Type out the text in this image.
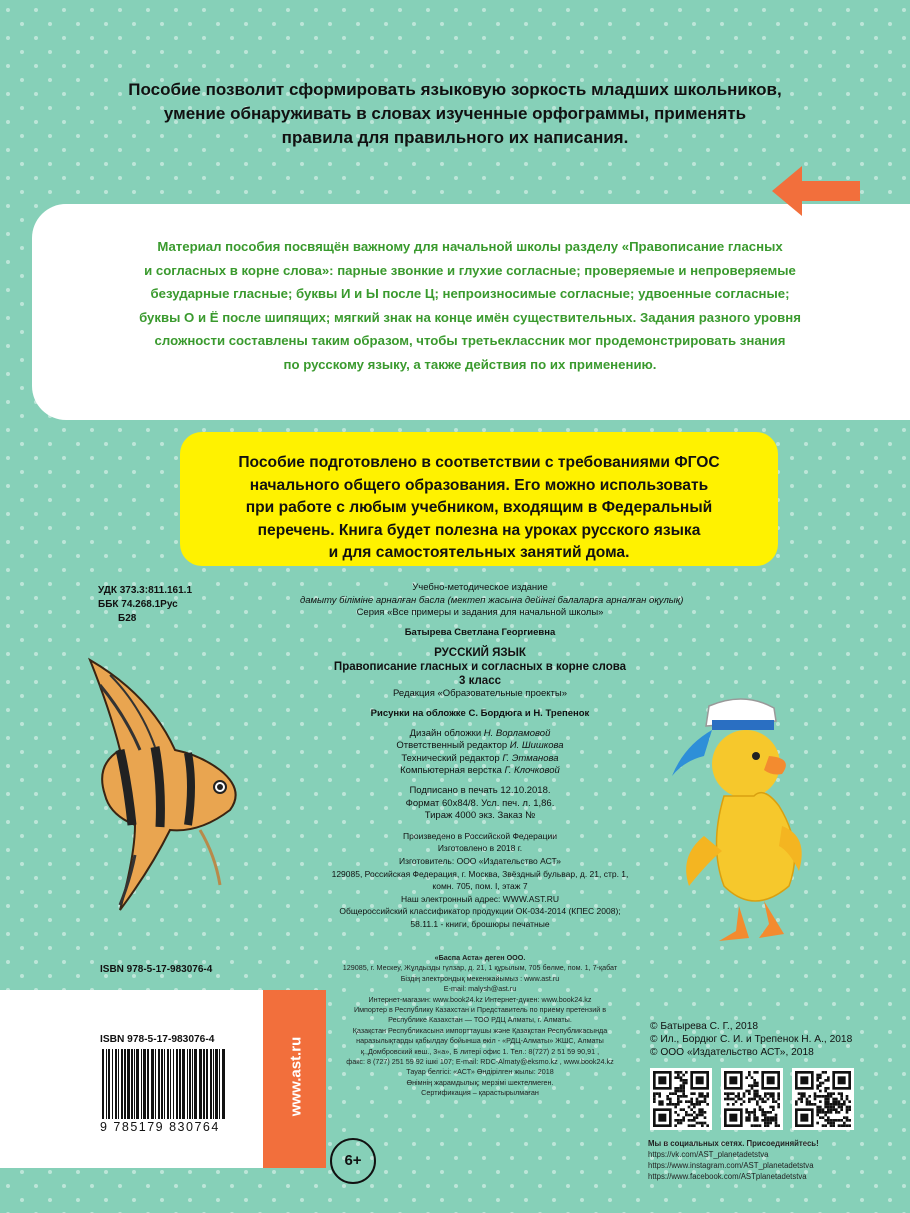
Пособие позволит сформировать языковую зоркость младших школьников,
умение обнаруживать в словах изученные орфограммы, применять
правила для правильного их написания.
Материал пособия посвящён важному для начальной школы разделу «Правописание гласных
и согласных в корне слова»: парные звонкие и глухие согласные; проверяемые и непроверяемые
безударные гласные; буквы И и Ы после Ц; непроизносимые согласные; удвоенные согласные;
буквы О и Ё после шипящих; мягкий знак на конце имён существительных. Задания разного уровня
сложности составлены таким образом, чтобы третьеклассник мог продемонстрировать знания
по русскому языку, а также действия по их применению.
Пособие подготовлено в соответствии с требованиями ФГОС
начального общего образования. Его можно использовать
при работе с любым учебником, входящим в Федеральный
перечень. Книга будет полезна на уроках русского языка
и для самостоятельных занятий дома.
УДК 373.3:811.161.1
ББК 74.268.1Рус
Б28
Учебно-методическое издание
дамыту біліміне арналған басла (мектеп жасына дейінгі балаларға арналған оқулық)
Серия «Все примеры и задания для начальной школы»
Батырева Светлана Георгиевна
РУССКИЙ ЯЗЫК
Правописание гласных и согласных в корне слова
3 класс
Редакция «Образовательные проекты»
Рисунки на обложке С. Бордюга и Н. Трепенок
Дизайн обложки Н. Ворламовой
Ответственный редактор И. Шишкова
Технический редактор Г. Этманова
Компьютерная верстка Г. Клочковой
Подписано в печать 12.10.2018.
Формат 60х84/8. Усл. печ. л. 1,86.
Тираж 4000 экз. Заказ №
Произведено в Российской Федерации
Изготовлено в 2018 г.
Изготовитель: ООО «Издательство АСТ»
129085, Российская Федерация, г. Москва, Звёздный бульвар, д. 21, стр. 1,
комн. 705, пом. I, этаж 7
Наш электронный адрес: WWW.AST.RU
Общероссийский классификатор продукции ОК-034-2014 (КПЕС 2008);
58.11.1 - книги, брошюры печатные
ISBN 978-5-17-983076-4
«Баспа Аста» деген ООО.
129085, г. Мескеу, Жұлдызды гүлзар, д. 21, 1 құрылым, 705 бөлме, пом. 1, 7-қабат
Біздің электрондық мекенжайымыз : www.ast.ru
E-mail: malysh@ast.ru
Интернет-магазин: www.book24.kz Интернет-дүкен: www.book24.kz
Импортер в Республику Казахстан и Представитель по приему претензий в
Республике Казахстан — ТОО РДЦ Алматы, г. Алматы.
Қазақстан Республикасына импорттаушы және Қазақстан Республикасында
наразылықтарды қабылдау бойынша өкіл - «РДЦ-Алматы» ЖШС, Алматы
қ.,Домбровский көш., 3«а», Б литері офис 1. Тел.: 8(727) 2 51 59 90,91 ,
факс: 8 (727) 251 59 92 ішкі 107; E-mail: RDC-Almaty@eksmo.kz , www.book24.kz
Тауар белгісі: «АСТ» Өндірілген жылы: 2018
Өнімнің жарамдылық; мерзімі шектелмеген.
Сертификация – қарастырылмаған
ISBN 978-5-17-983076-4
9 785179 830764
www.ast.ru
6+
© Батырева С. Г., 2018
© Ил., Бордюг С. И. и Трепенок Н. А., 2018
© ООО «Издательство АСТ», 2018
Мы в социальных сетях. Присоединяйтесь!
https://vk.com/AST_planetadetstva
https://www.instagram.com/AST_planetadetstva
https://www.facebook.com/ASTplanetadetstva
